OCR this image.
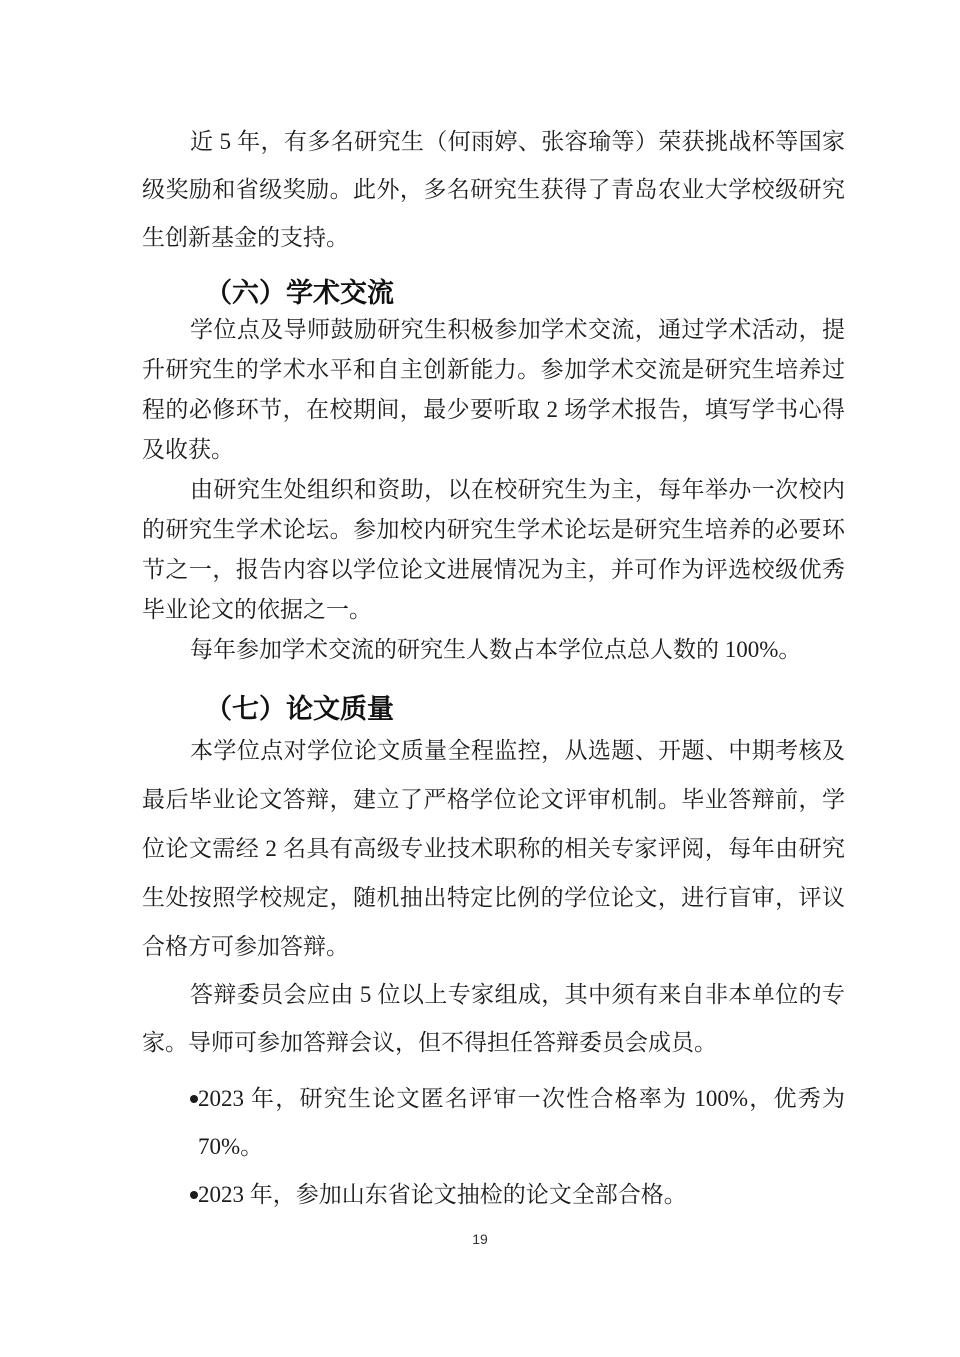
近 5 年，有多名研究生（何雨婷、张容瑜等）荣获挑战杯等国家级奖励和省级奖励。此外，多名研究生获得了青岛农业大学校级研究生创新基金的支持。

（六）学术交流

学位点及导师鼓励研究生积极参加学术交流，通过学术活动，提升研究生的学术水平和自主创新能力。参加学术交流是研究生培养过程的必修环节，在校期间，最少要听取 2 场学术报告，填写学书心得及收获。

由研究生处组织和资助，以在校研究生为主，每年举办一次校内的研究生学术论坛。参加校内研究生学术论坛是研究生培养的必要环节之一，报告内容以学位论文进展情况为主，并可作为评选校级优秀毕业论文的依据之一。

每年参加学术交流的研究生人数占本学位点总人数的 100%。

（七）论文质量

本学位点对学位论文质量全程监控，从选题、开题、中期考核及最后毕业论文答辩，建立了严格学位论文评审机制。毕业答辩前，学位论文需经 2 名具有高级专业技术职称的相关专家评阅，每年由研究生处按照学校规定，随机抽出特定比例的学位论文，进行盲审，评议合格方可参加答辩。

答辩委员会应由 5 位以上专家组成，其中须有来自非本单位的专家。导师可参加答辩会议，但不得担任答辩委员会成员。

2023 年，研究生论文匿名评审一次性合格率为 100%，优秀为 70%。

2023 年，参加山东省论文抽检的论文全部合格。

19
